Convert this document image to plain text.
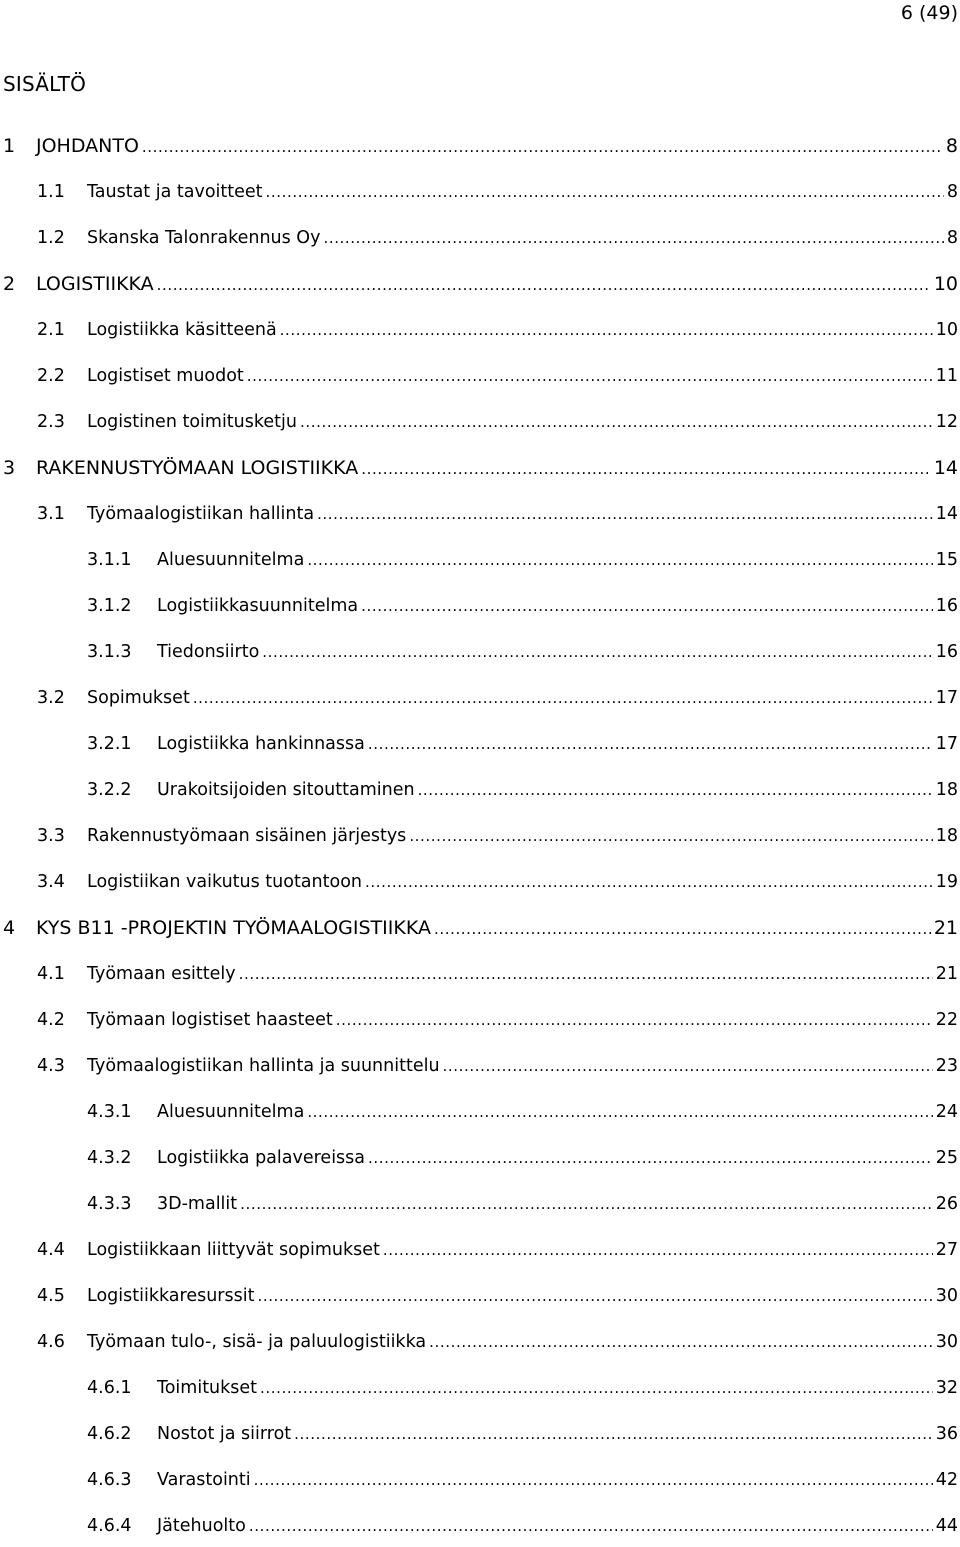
6 (49)
SISÄLTÖ
1	JOHDANTO .....	8
1.1	Taustat ja tavoitteet .....	8
1.2	Skanska Talonrakennus Oy .....	8
2	LOGISTIIKKA .....	10
2.1	Logistiikka käsitteenä .....	10
2.2	Logistiset muodot .....	11
2.3	Logistinen toimitusketju .....	12
3	RAKENNUSTYÖMAAN LOGISTIIKKA .....	14
3.1	Työmaalogistiikan hallinta .....	14
3.1.1	Aluesuunnitelma .....	15
3.1.2	Logistiikkasuunnitelma .....	16
3.1.3	Tiedonsiirto .....	16
3.2	Sopimukset .....	17
3.2.1	Logistiikka hankinnassa .....	17
3.2.2	Urakoitsijoiden sitouttaminen .....	18
3.3	Rakennustyömaan sisäinen järjestys .....	18
3.4	Logistiikan vaikutus tuotantoon .....	19
4	KYS B11 -PROJEKTIN TYÖMAALOGISTIIKKA .....	21
4.1	Työmaan esittely .....	21
4.2	Työmaan logistiset haasteet .....	22
4.3	Työmaalogistiikan hallinta ja suunnittelu .....	23
4.3.1	Aluesuunnitelma .....	24
4.3.2	Logistiikka palavereissa .....	25
4.3.3	3D-mallit .....	26
4.4	Logistiikkaan liittyvät sopimukset .....	27
4.5	Logistiikkaresurssit .....	30
4.6	Työmaan tulo-, sisä- ja paluulogistiikka .....	30
4.6.1	Toimitukset .....	32
4.6.2	Nostot ja siirrot .....	36
4.6.3	Varastointi .....	42
4.6.4	Jätehuolto .....	44
